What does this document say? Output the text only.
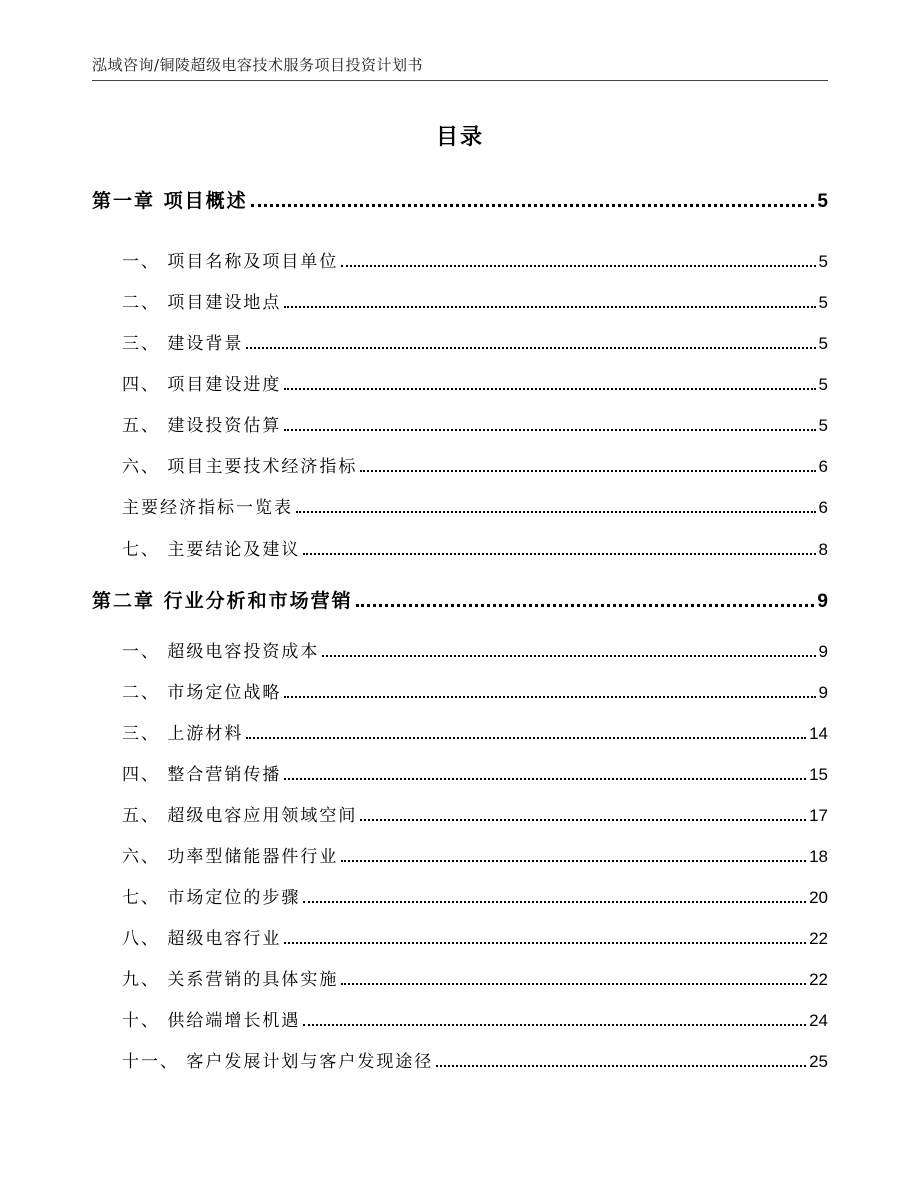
泓域咨询/铜陵超级电容技术服务项目投资计划书
目录
第一章 项目概述	5
一、 项目名称及项目单位	5
二、 项目建设地点	5
三、 建设背景	5
四、 项目建设进度	5
五、 建设投资估算	5
六、 项目主要技术经济指标	6
主要经济指标一览表	6
七、 主要结论及建议	8
第二章 行业分析和市场营销	9
一、 超级电容投资成本	9
二、 市场定位战略	9
三、 上游材料	14
四、 整合营销传播	15
五、 超级电容应用领域空间	17
六、 功率型储能器件行业	18
七、 市场定位的步骤	20
八、 超级电容行业	22
九、 关系营销的具体实施	22
十、 供给端增长机遇	24
十一、 客户发展计划与客户发现途径	25
